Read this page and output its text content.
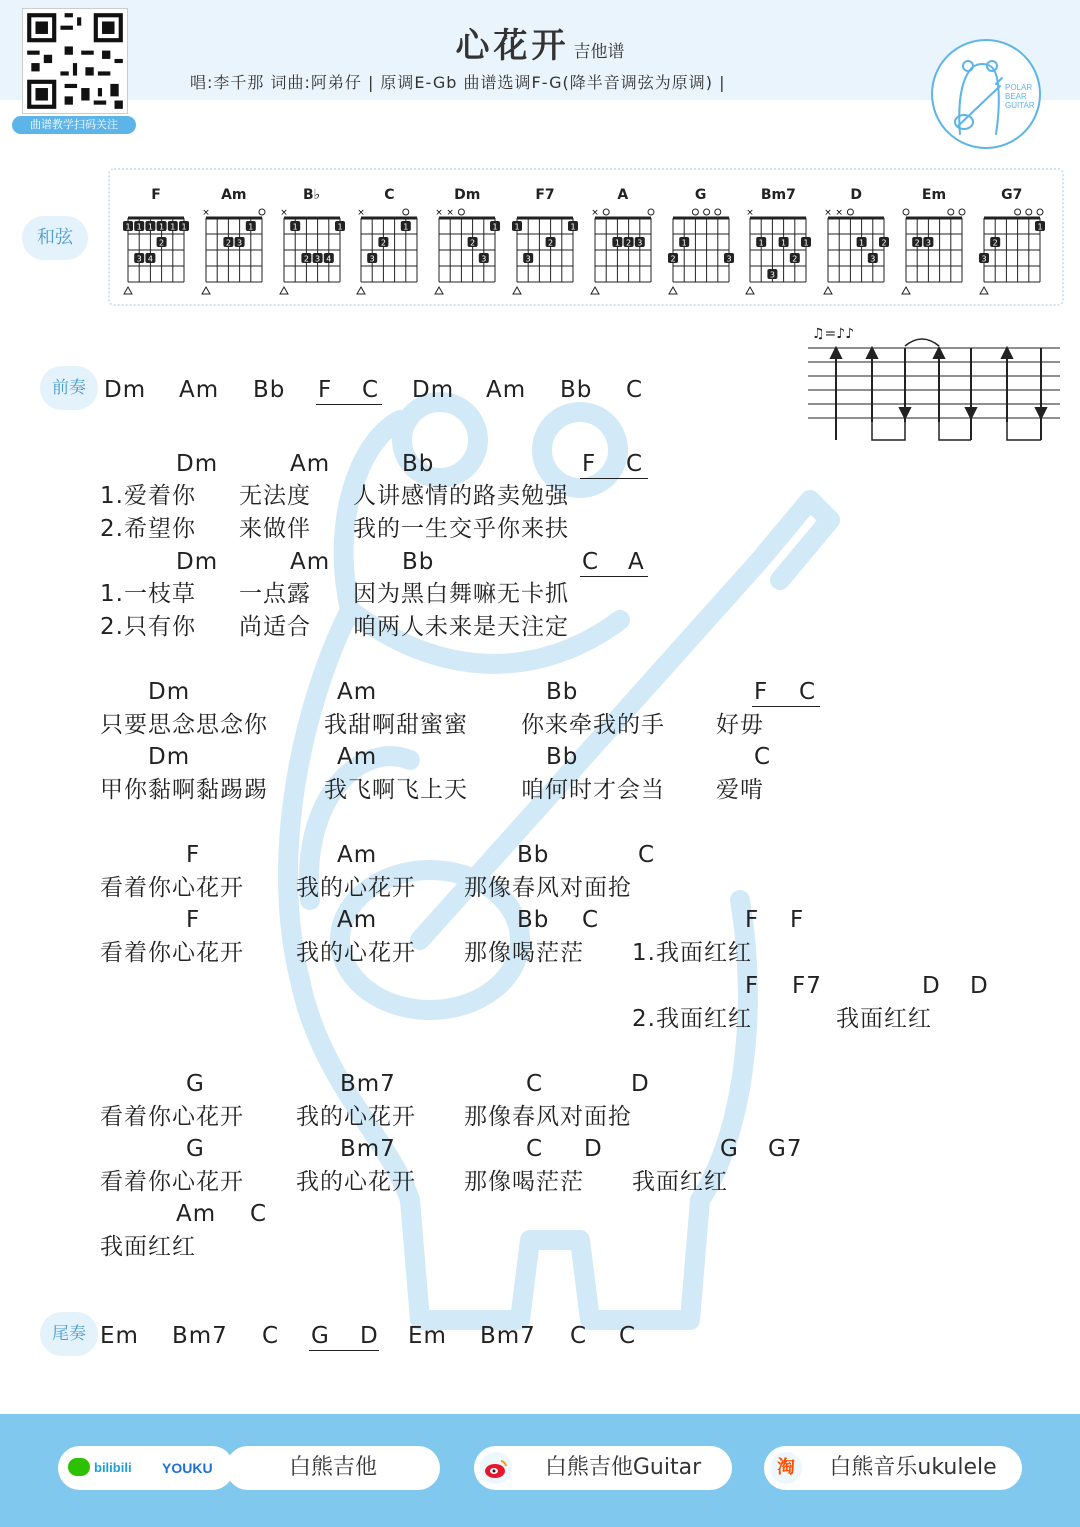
曲谱教学扫码关注
心花开 吉他谱
唱:李千那 词曲:阿弟仔 | 原调E-Gb 曲谱选调F-G(降半音调弦为原调) |	POLAR
BEAR
GUITAR
和弦
F
1
1
1
1
1
1
2
3 4
Am
×
1
2 3
B♭
×
1
1
2 3 4
C
×
1
2
3
Dm
× ×
1
2
3
F7
1
1
2
3
A
×
1 2 3
G
1
2	3
Bm7
×
1
1
1
2
3
D
× ×
1 2
3
Em
2 3
G7
1
2
3
♫=♪♪
前奏 Dm Am Bb F C Dm Am Bb C
Dm	Am	Bb	F C
1.爱着你 无法度 人讲感情的路卖勉强
2.希望你 来做伴 我的一生交乎你来扶
Dm	Am	Bb	C A
1.一枝草 一点露 因为黑白舞嘛无卡抓
2.只有你 尚适合 咱两人未来是天注定
Dm	Am	Bb	F C
只要思念思念你 我甜啊甜蜜蜜 你来牵我的手 好毋
Dm	Am	Bb	C
甲你黏啊黏踢踢 我飞啊飞上天 咱何时才会当 爱啃
F	Am	Bb	C
看着你心花开 我的心花开 那像春风对面抢
F	Am	Bb C	F F
看着你心花开 我的心花开 那像喝茫茫 1.我面红红
F F7	D D
2.我面红红	我面红红
G	Bm7	C	D
看着你心花开 我的心花开 那像春风对面抢
G	Bm7	C D	G G7
看着你心花开 我的心花开 那像喝茫茫 我面红红
Am C
我面红红
尾奏 Em Bm7 C G D Em Bm7 C C
bilibili YOUKU	白熊吉他	白熊吉他Guitar	淘	白熊音乐ukulele
